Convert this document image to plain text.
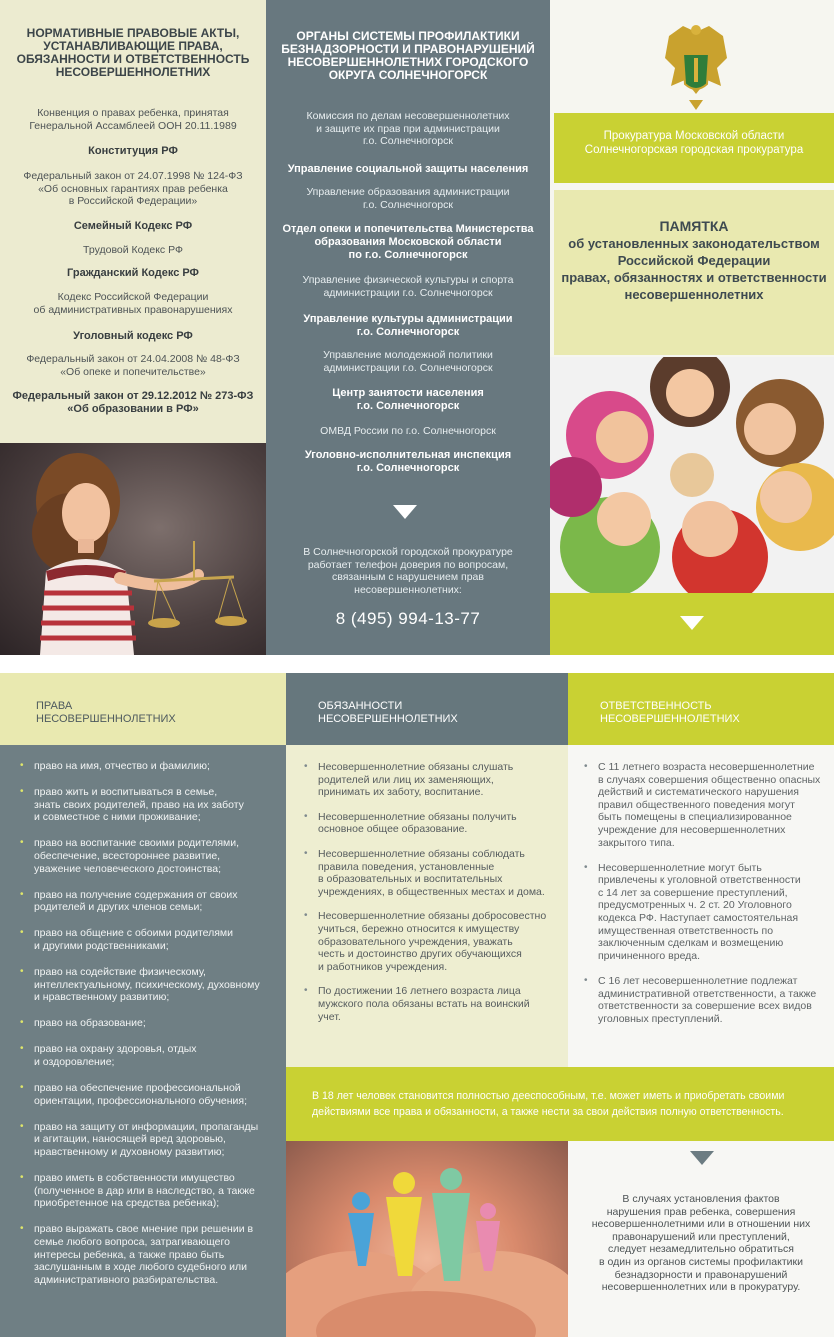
НОРМАТИВНЫЕ ПРАВОВЫЕ АКТЫ,
УСТАНАВЛИВАЮЩИЕ ПРАВА,
ОБЯЗАННОСТИ И ОТВЕТСТВЕННОСТЬ
НЕСОВЕРШЕННОЛЕТНИХ
Конвенция о правах ребенка, принятая
Генеральной Ассамблеей ООН 20.11.1989
Конституция РФ
Федеральный закон от 24.07.1998 № 124-ФЗ
«Об основных гарантиях прав ребенка
в Российской Федерации»
Семейный Кодекс РФ
Трудовой Кодекс РФ
Гражданский Кодекс РФ
Кодекс Российской Федерации
об административных правонарушениях
Уголовный кодекс РФ
Федеральный закон от 24.04.2008 № 48-ФЗ
«Об опеке и попечительстве»
Федеральный закон от 29.12.2012 № 273-ФЗ
«Об образовании в РФ»
ОРГАНЫ СИСТЕМЫ ПРОФИЛАКТИКИ
БЕЗНАДЗОРНОСТИ И ПРАВОНАРУШЕНИЙ
НЕСОВЕРШЕННОЛЕТНИХ ГОРОДСКОГО
ОКРУГА СОЛНЕЧНОГОРСК
Комиссия по делам несовершеннолетних
и защите их прав при администрации
г.о. Солнечногорск
Управление социальной защиты населения
Управление образования администрации
г.о. Солнечногорск
Отдел опеки и попечительства Министерства
образования Московской области
по г.о. Солнечногорск
Управление физической культуры и спорта
администрации г.о. Солнечногорск
Управление культуры администрации
г.о. Солнечногорск
Управление молодежной политики
администрации г.о. Солнечногорск
Центр занятости населения
г.о. Солнечногорск
ОМВД России по г.о. Солнечногорск
Уголовно-исполнительная инспекция
г.о. Солнечногорск
В Солнечногорской городской прокуратуре
работает телефон доверия по вопросам,
связанным с нарушением прав
несовершеннолетних:
8 (495) 994-13-77
Прокуратура Московской области
Солнечногорская городская прокуратура
ПАМЯТКА
об установленных законодательством
Российской Федерации
правах, обязанностях и ответственности
несовершеннолетних
ПРАВА
НЕСОВЕРШЕННОЛЕТНИХ
ОБЯЗАННОСТИ
НЕСОВЕРШЕННОЛЕТНИХ
ОТВЕТСТВЕННОСТЬ
НЕСОВЕРШЕННОЛЕТНИХ
• право на имя, отчество и фамилию;
• право жить и воспитываться в семье,
знать своих родителей, право на их заботу
и совместное с ними проживание;
• право на воспитание своими родителями,
обеспечение, всестороннее развитие,
уважение человеческого достоинства;
• право на получение содержания от своих
родителей и других членов семьи;
• право на общение с обоими родителями
и другими родственниками;
• право на содействие физическому,
интеллектуальному, психическому, духовному
и нравственному развитию;
• право на образование;
• право на охрану здоровья, отдых
и оздоровление;
• право на обеспечение профессиональной
ориентации, профессионального обучения;
• право на защиту от информации, пропаганды
и агитации, наносящей вред здоровью,
нравственному и духовному развитию;
• право иметь в собственности имущество
(полученное в дар или в наследство, а также
приобретенное на средства ребенка);
• право выражать свое мнение при решении в
семье любого вопроса, затрагивающего
интересы ребенка, а также право быть
заслушанным в ходе любого судебного или
административного разбирательства.
• Несовершеннолетние обязаны слушать
родителей или лиц их заменяющих,
принимать их заботу, воспитание.
• Несовершеннолетние обязаны получить
основное общее образование.
• Несовершеннолетние обязаны соблюдать
правила поведения, установленные
в образовательных и воспитательных
учреждениях, в общественных местах и дома.
• Несовершеннолетние обязаны добросовестно
учиться, бережно относится к имуществу
образовательного учреждения, уважать
честь и достоинство других обучающихся
и работников учреждения.
• По достижении 16 летнего возраста лица
мужского пола обязаны встать на воинский
учет.
• С 11 летнего возраста несовершеннолетние
в случаях совершения общественно опасных
действий и систематического нарушения
правил общественного поведения могут
быть помещены в специализированное
учреждение для несовершеннолетних
закрытого типа.
• Несовершеннолетние могут быть
привлечены к уголовной ответственности
с 14 лет за совершение преступлений,
предусмотренных ч. 2 ст. 20 Уголовного
кодекса РФ. Наступает самостоятельная
имущественная ответственность по
заключенным сделкам и возмещению
причиненного вреда.
• С 16 лет несовершеннолетние подлежат
административной ответственности, а также
ответственности за совершение всех видов
уголовных преступлений.
В 18 лет человек становится полностью дееспособным, т.е. может иметь и приобретать своими
действиями все права и обязанности, а также нести за свои действия полную ответственность.
В случаях установления фактов
нарушения прав ребенка, совершения
несовершеннолетними или в отношении них
правонарушений или преступлений,
следует незамедлительно обратиться
в один из органов системы профилактики
безнадзорности и правонарушений
несовершеннолетних или в прокуратуру.
